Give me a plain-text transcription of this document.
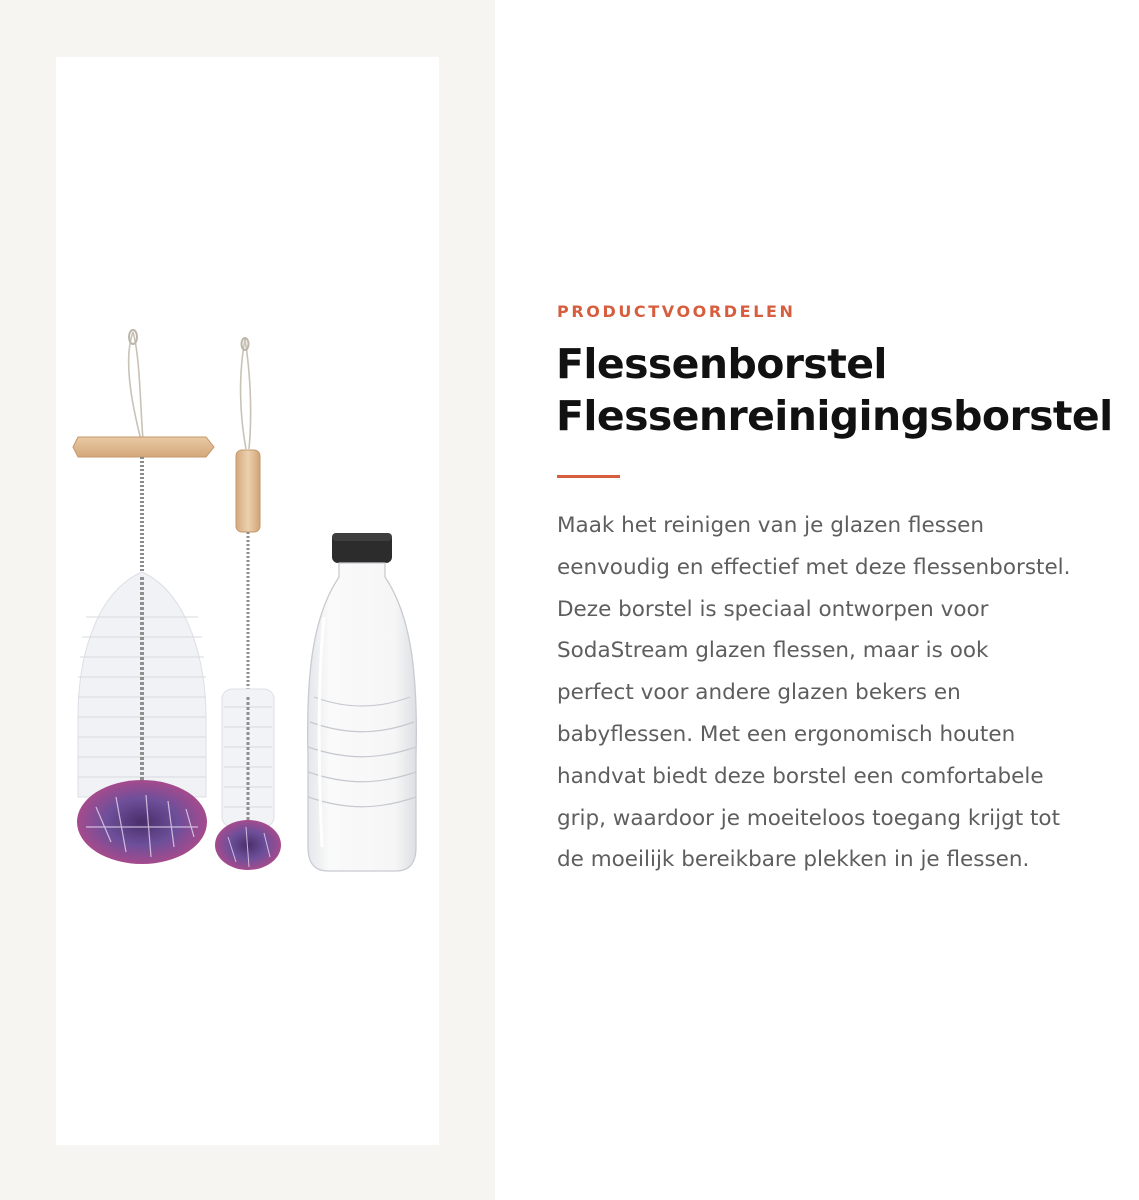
PRODUCTVOORDELEN

Flessenborstel
Flessenreinigingsborstel

Maak het reinigen van je glazen flessen
eenvoudig en effectief met deze flessenborstel.
Deze borstel is speciaal ontworpen voor
SodaStream glazen flessen, maar is ook
perfect voor andere glazen bekers en
babyflessen. Met een ergonomisch houten
handvat biedt deze borstel een comfortabele
grip, waardoor je moeiteloos toegang krijgt tot
de moeilijk bereikbare plekken in je flessen.
